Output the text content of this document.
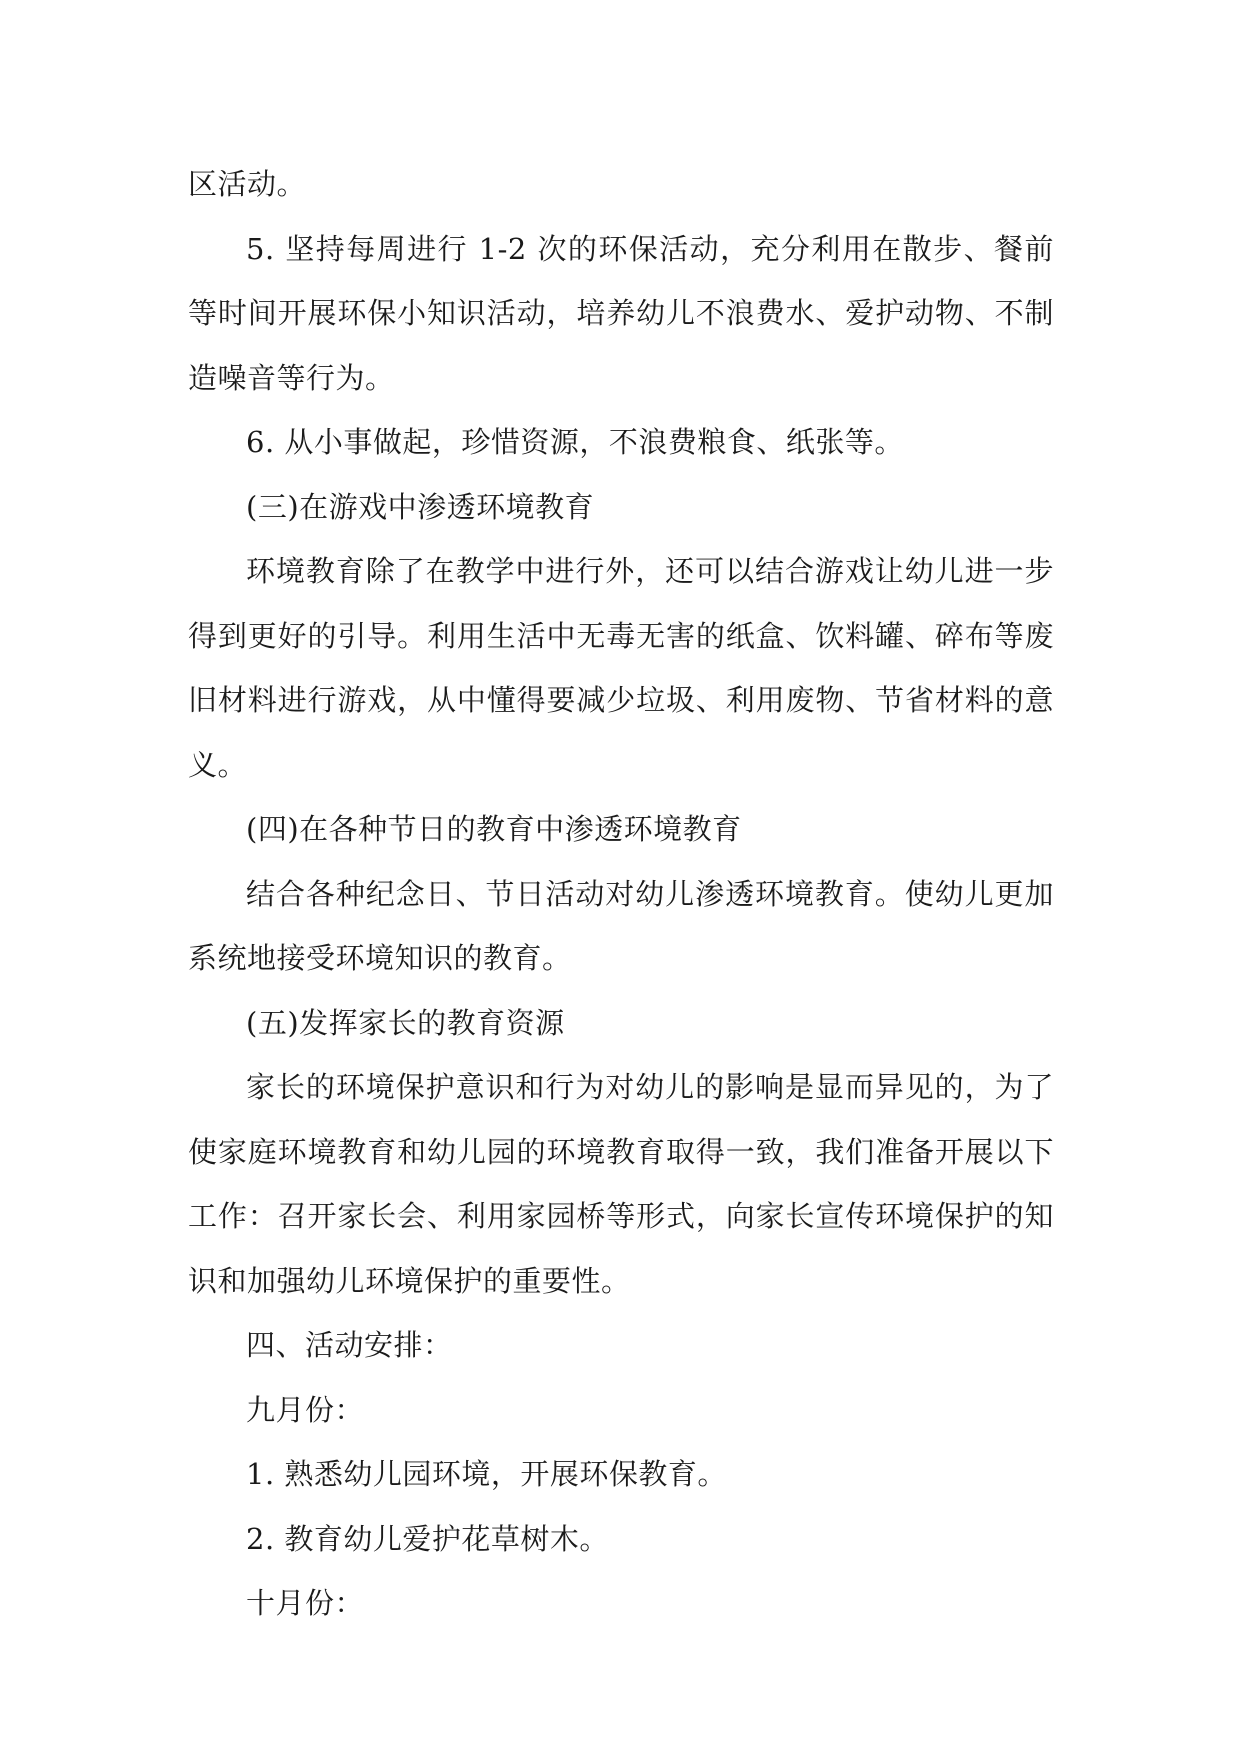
区活动。

5. 坚持每周进行 1-2 次的环保活动，充分利用在散步、餐前等时间开展环保小知识活动，培养幼儿不浪费水、爱护动物、不制造噪音等行为。

6. 从小事做起，珍惜资源，不浪费粮食、纸张等。

(三)在游戏中渗透环境教育

环境教育除了在教学中进行外，还可以结合游戏让幼儿进一步得到更好的引导。利用生活中无毒无害的纸盒、饮料罐、碎布等废旧材料进行游戏，从中懂得要减少垃圾、利用废物、节省材料的意义。

(四)在各种节日的教育中渗透环境教育

结合各种纪念日、节日活动对幼儿渗透环境教育。使幼儿更加系统地接受环境知识的教育。

(五)发挥家长的教育资源

家长的环境保护意识和行为对幼儿的影响是显而异见的，为了使家庭环境教育和幼儿园的环境教育取得一致，我们准备开展以下工作：召开家长会、利用家园桥等形式，向家长宣传环境保护的知识和加强幼儿环境保护的重要性。

四、活动安排：

九月份：

1. 熟悉幼儿园环境，开展环保教育。

2. 教育幼儿爱护花草树木。

十月份：
